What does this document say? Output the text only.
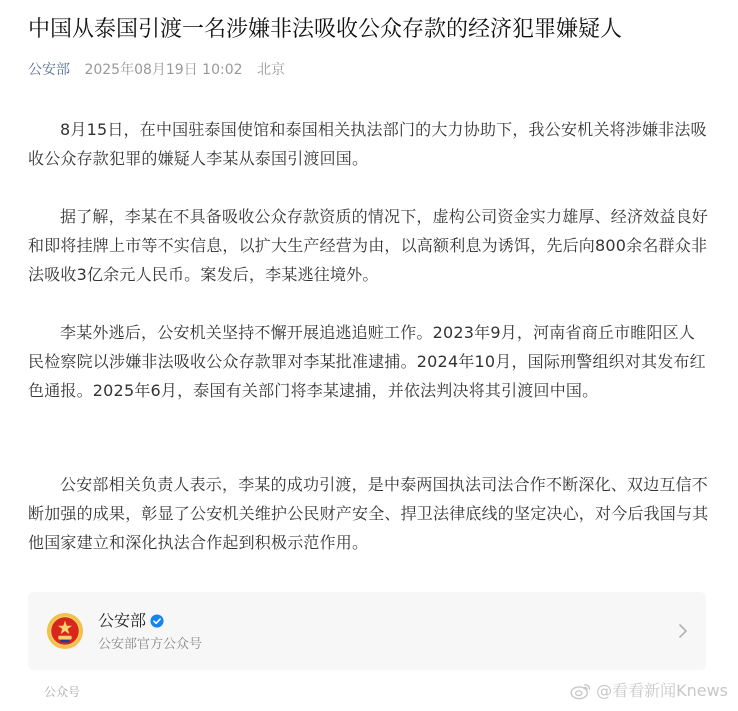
中国从泰国引渡一名涉嫌非法吸收公众存款的经济犯罪嫌疑人
公安部 2025年08月19日 10:02 北京

8月15日，在中国驻泰国使馆和泰国相关执法部门的大力协助下，我公安机关将涉嫌非法吸收公众存款犯罪的嫌疑人李某从泰国引渡回国。

据了解，李某在不具备吸收公众存款资质的情况下，虚构公司资金实力雄厚、经济效益良好和即将挂牌上市等不实信息，以扩大生产经营为由，以高额利息为诱饵，先后向800余名群众非法吸收3亿余元人民币。案发后，李某逃往境外。

李某外逃后，公安机关坚持不懈开展追逃追赃工作。2023年9月，河南省商丘市睢阳区人民检察院以涉嫌非法吸收公众存款罪对李某批准逮捕。2024年10月，国际刑警组织对其发布红色通报。2025年6月，泰国有关部门将李某逮捕，并依法判决将其引渡回中国。

公安部相关负责人表示，李某的成功引渡，是中泰两国执法司法合作不断深化、双边互信不断加强的成果，彰显了公安机关维护公民财产安全、捍卫法律底线的坚定决心，对今后我国与其他国家建立和深化执法合作起到积极示范作用。

公安部
公安部官方公众号
公众号	@看看新闻Knews
